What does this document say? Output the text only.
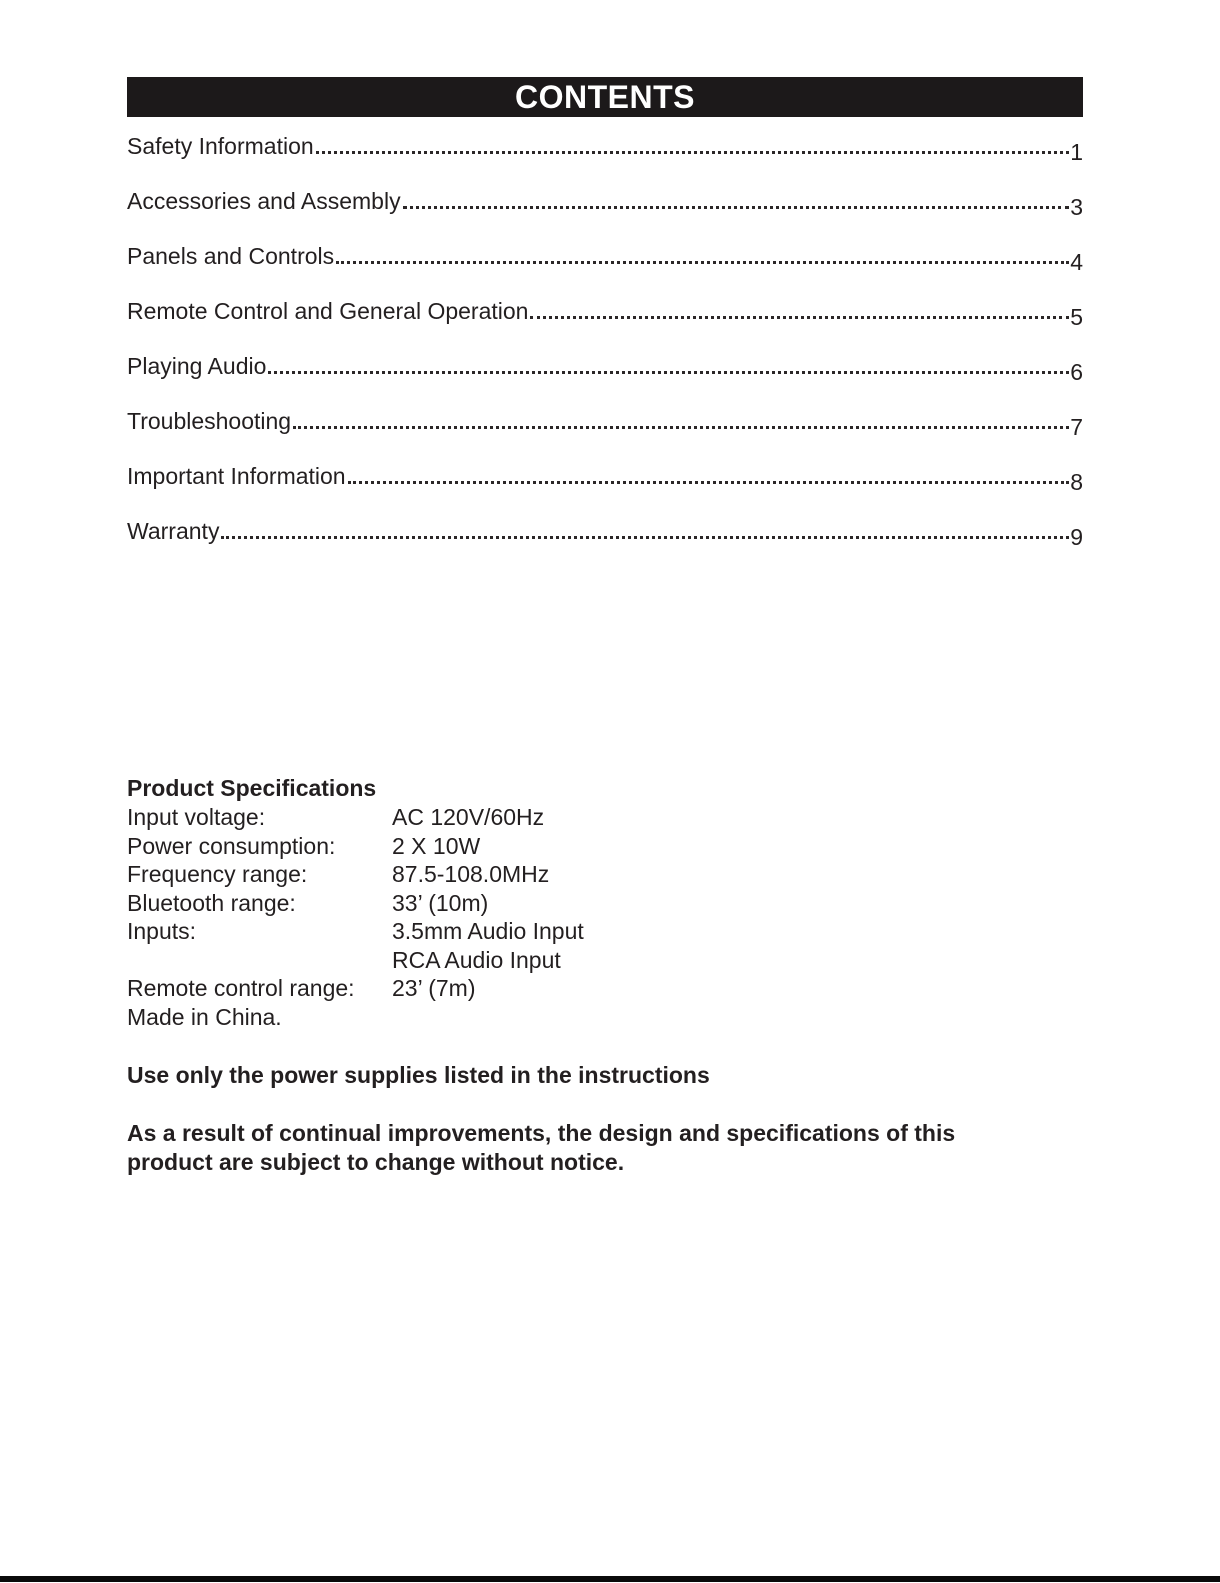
CONTENTS
Safety Information	1
Accessories and Assembly	3
Panels and Controls	4
Remote Control and General Operation	5
Playing Audio	6
Troubleshooting	7
Important Information	8
Warranty	9
Product Specifications
Input voltage:	AC 120V/60Hz
Power consumption:	2 X 10W
Frequency range:	87.5-108.0MHz
Bluetooth range:	33’ (10m)
Inputs:	3.5mm Audio Input
RCA Audio Input
Remote control range:	23’ (7m)
Made in China.
Use only the power supplies listed in the instructions
As a result of continual improvements, the design and specifications of this
product are subject to change without notice.
